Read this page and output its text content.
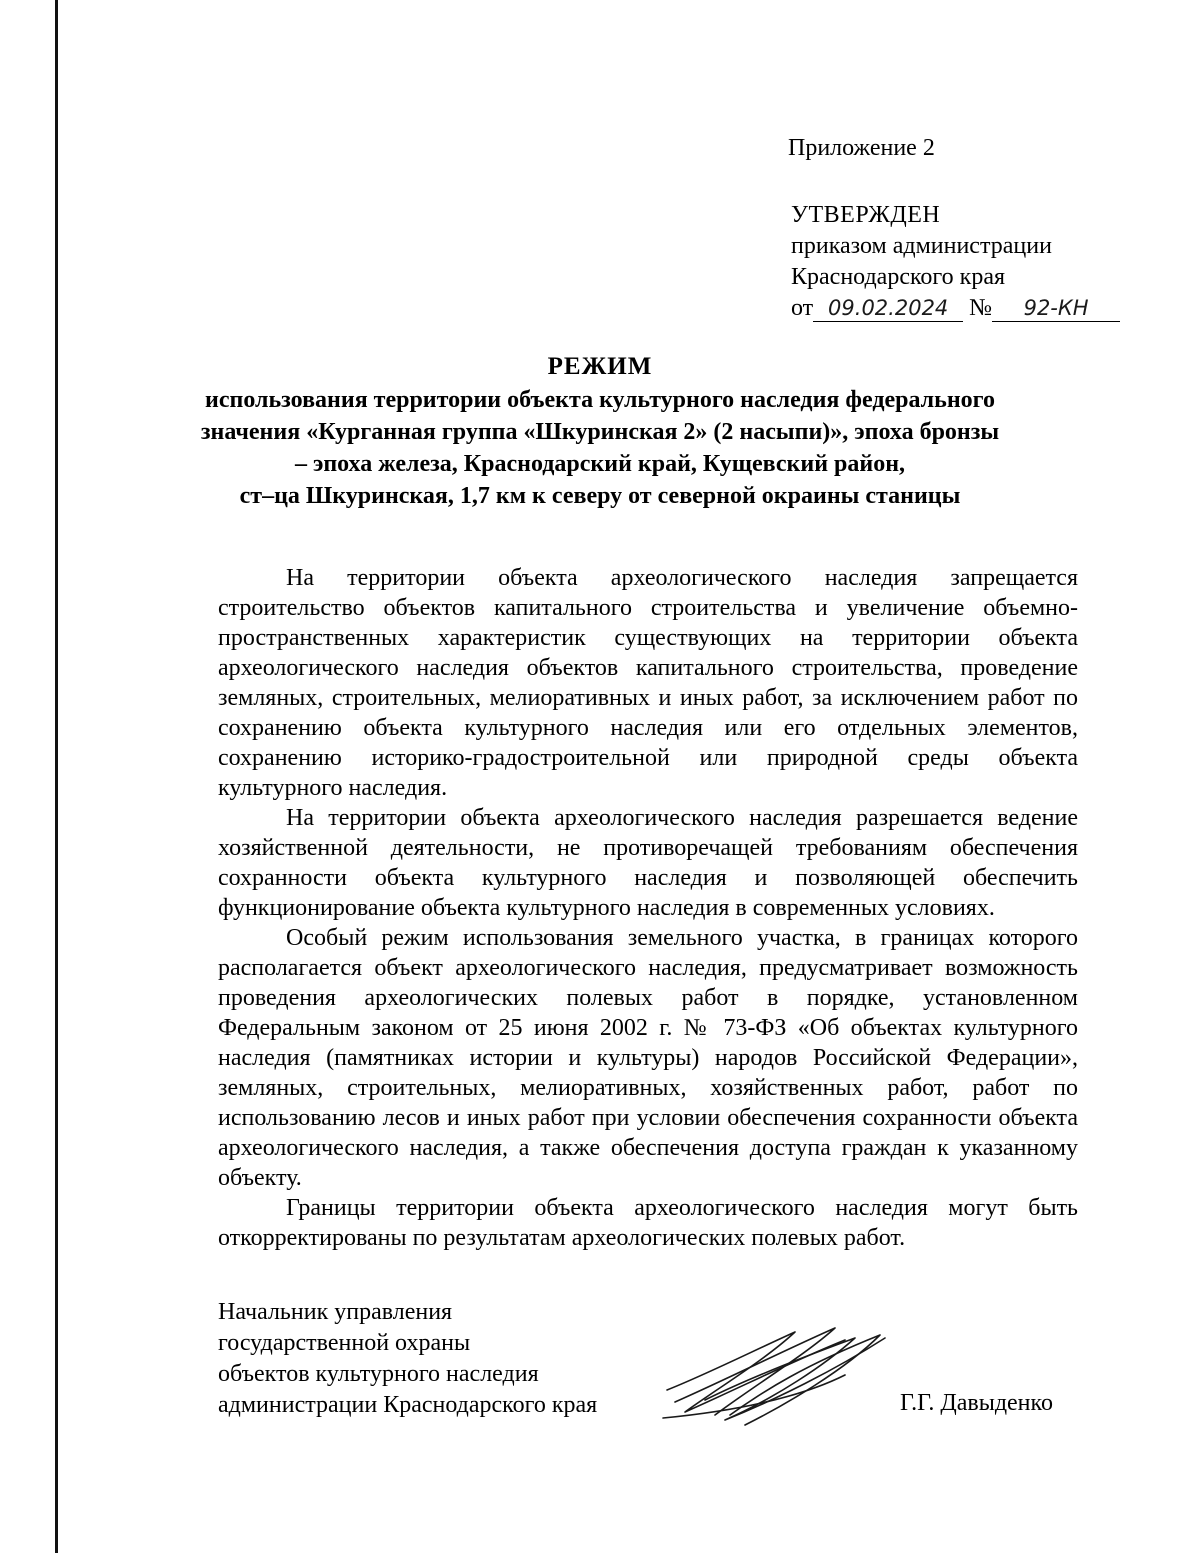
Приложение 2
УТВЕРЖДЕН
приказом администрации
Краснодарского края
от 09.02.2024 № 92-КН
РЕЖИМ
использования территории объекта культурного наследия федерального
значения «Курганная группа «Шкуринская 2» (2 насыпи)», эпоха бронзы
– эпоха железа, Краснодарский край, Кущевский район,
ст–ца Шкуринская, 1,7 км к северу от северной окраины станицы

На территории объекта археологического наследия запрещается строительство объектов капитального строительства и увеличение объемно-пространственных характеристик существующих на территории объекта археологического наследия объектов капитального строительства, проведение земляных, строительных, мелиоративных и иных работ, за исключением работ по сохранению объекта культурного наследия или его отдельных элементов, сохранению историко-градостроительной или природной среды объекта культурного наследия.

На территории объекта археологического наследия разрешается ведение хозяйственной деятельности, не противоречащей требованиям обеспечения сохранности объекта культурного наследия и позволяющей обеспечить функционирование объекта культурного наследия в современных условиях.

Особый режим использования земельного участка, в границах которого располагается объект археологического наследия, предусматривает возможность проведения археологических полевых работ в порядке, установленном Федеральным законом от 25 июня 2002 г. № 73-ФЗ «Об объектах культурного наследия (памятниках истории и культуры) народов Российской Федерации», земляных, строительных, мелиоративных, хозяйственных работ, работ по использованию лесов и иных работ при условии обеспечения сохранности объекта археологического наследия, а также обеспечения доступа граждан к указанному объекту.

Границы территории объекта археологического наследия могут быть откорректированы по результатам археологических полевых работ.

Начальник управления
государственной охраны
объектов культурного наследия
администрации Краснодарского края	Г.Г. Давыденко
